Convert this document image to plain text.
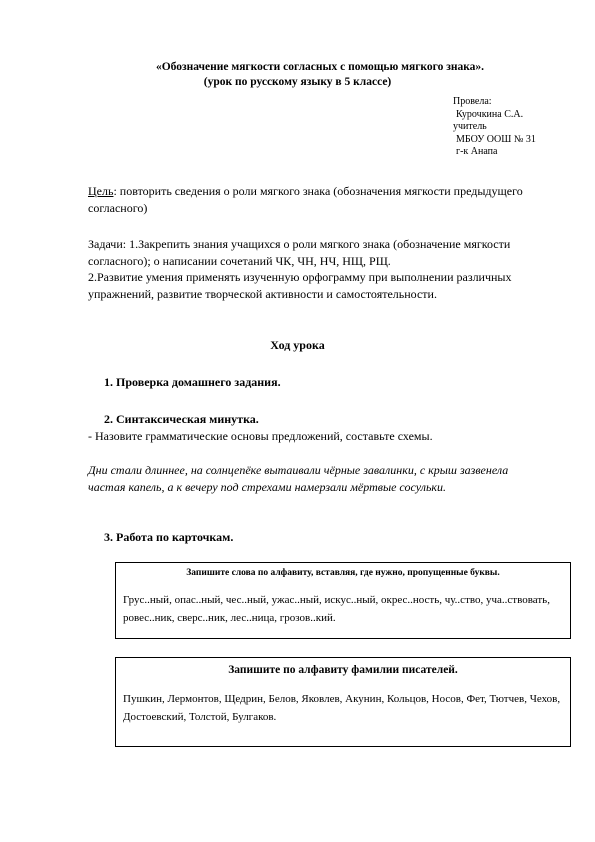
«Обозначение мягкости согласных с помощью мягкого знака».
(урок по русскому языку в 5 классе)
Провела:
Курочкина С.А.
учитель
МБОУ ООШ № 31
г-к Анапа
Цель: повторить сведения о роли мягкого знака (обозначения мягкости предыдущего согласного)
Задачи: 1.Закрепить знания учащихся о роли мягкого знака (обозначение мягкости согласного); о написании сочетаний ЧК, ЧН, НЧ, НЩ, РЩ.
2.Развитие умения применять изученную орфограмму при выполнении различных упражнений, развитие творческой активности и самостоятельности.
Ход урока
1. Проверка домашнего задания.
2. Синтаксическая минутка.
- Назовите грамматические основы предложений, составьте схемы.
Дни стали длиннее, на солнцепёке вытаивали чёрные завалинки, с крыш зазвенела частая капель, а к вечеру под стрехами намерзали мёртвые сосульки.
3. Работа по карточкам.
Запишите слова по алфавиту, вставляя, где нужно, пропущенные буквы.
Грус..ный, опас..ный, чес..ный, ужас..ный, искус..ный, окрес..ность, чу..ство, уча..ствовать, ровес..ник, сверс..ник, лес..ница, грозов..кий.
Запишите по алфавиту фамилии писателей.
Пушкин, Лермонтов, Щедрин, Белов, Яковлев, Акунин, Кольцов, Носов, Фет, Тютчев, Чехов, Достоевский, Толстой, Булгаков.
